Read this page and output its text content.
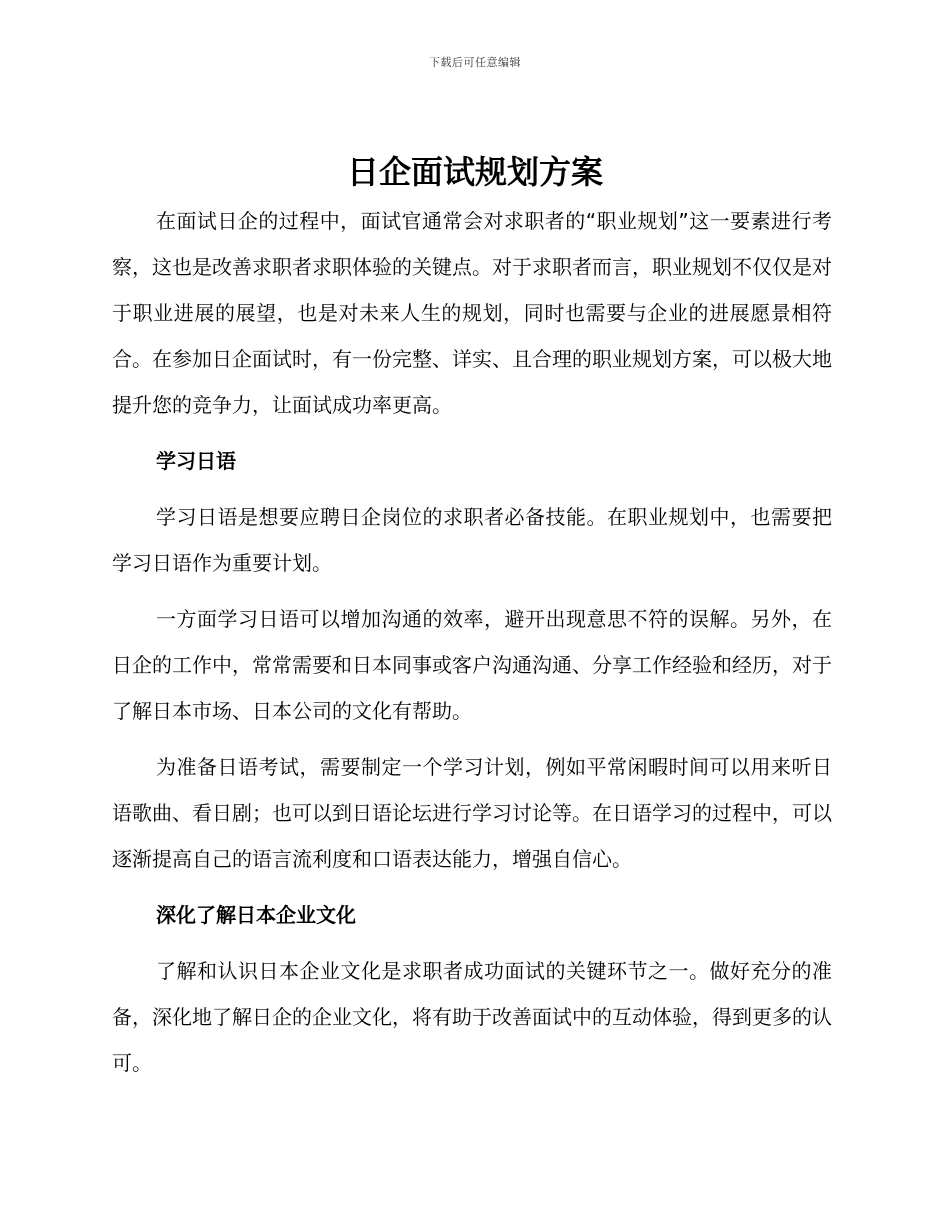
下载后可任意编辑
日企面试规划方案

在面试日企的过程中，面试官通常会对求职者的“职业规划”这一要素进行考察，这也是改善求职者求职体验的关键点。对于求职者而言，职业规划不仅仅是对于职业进展的展望，也是对未来人生的规划，同时也需要与企业的进展愿景相符合。在参加日企面试时，有一份完整、详实、且合理的职业规划方案，可以极大地提升您的竞争力，让面试成功率更高。

学习日语

学习日语是想要应聘日企岗位的求职者必备技能。在职业规划中，也需要把学习日语作为重要计划。

一方面学习日语可以增加沟通的效率，避开出现意思不符的误解。另外，在日企的工作中，常常需要和日本同事或客户沟通沟通、分享工作经验和经历，对于了解日本市场、日本公司的文化有帮助。

为准备日语考试，需要制定一个学习计划，例如平常闲暇时间可以用来听日语歌曲、看日剧；也可以到日语论坛进行学习讨论等。在日语学习的过程中，可以逐渐提高自己的语言流利度和口语表达能力，增强自信心。

深化了解日本企业文化

了解和认识日本企业文化是求职者成功面试的关键环节之一。做好充分的准备，深化地了解日企的企业文化，将有助于改善面试中的互动体验，得到更多的认可。
